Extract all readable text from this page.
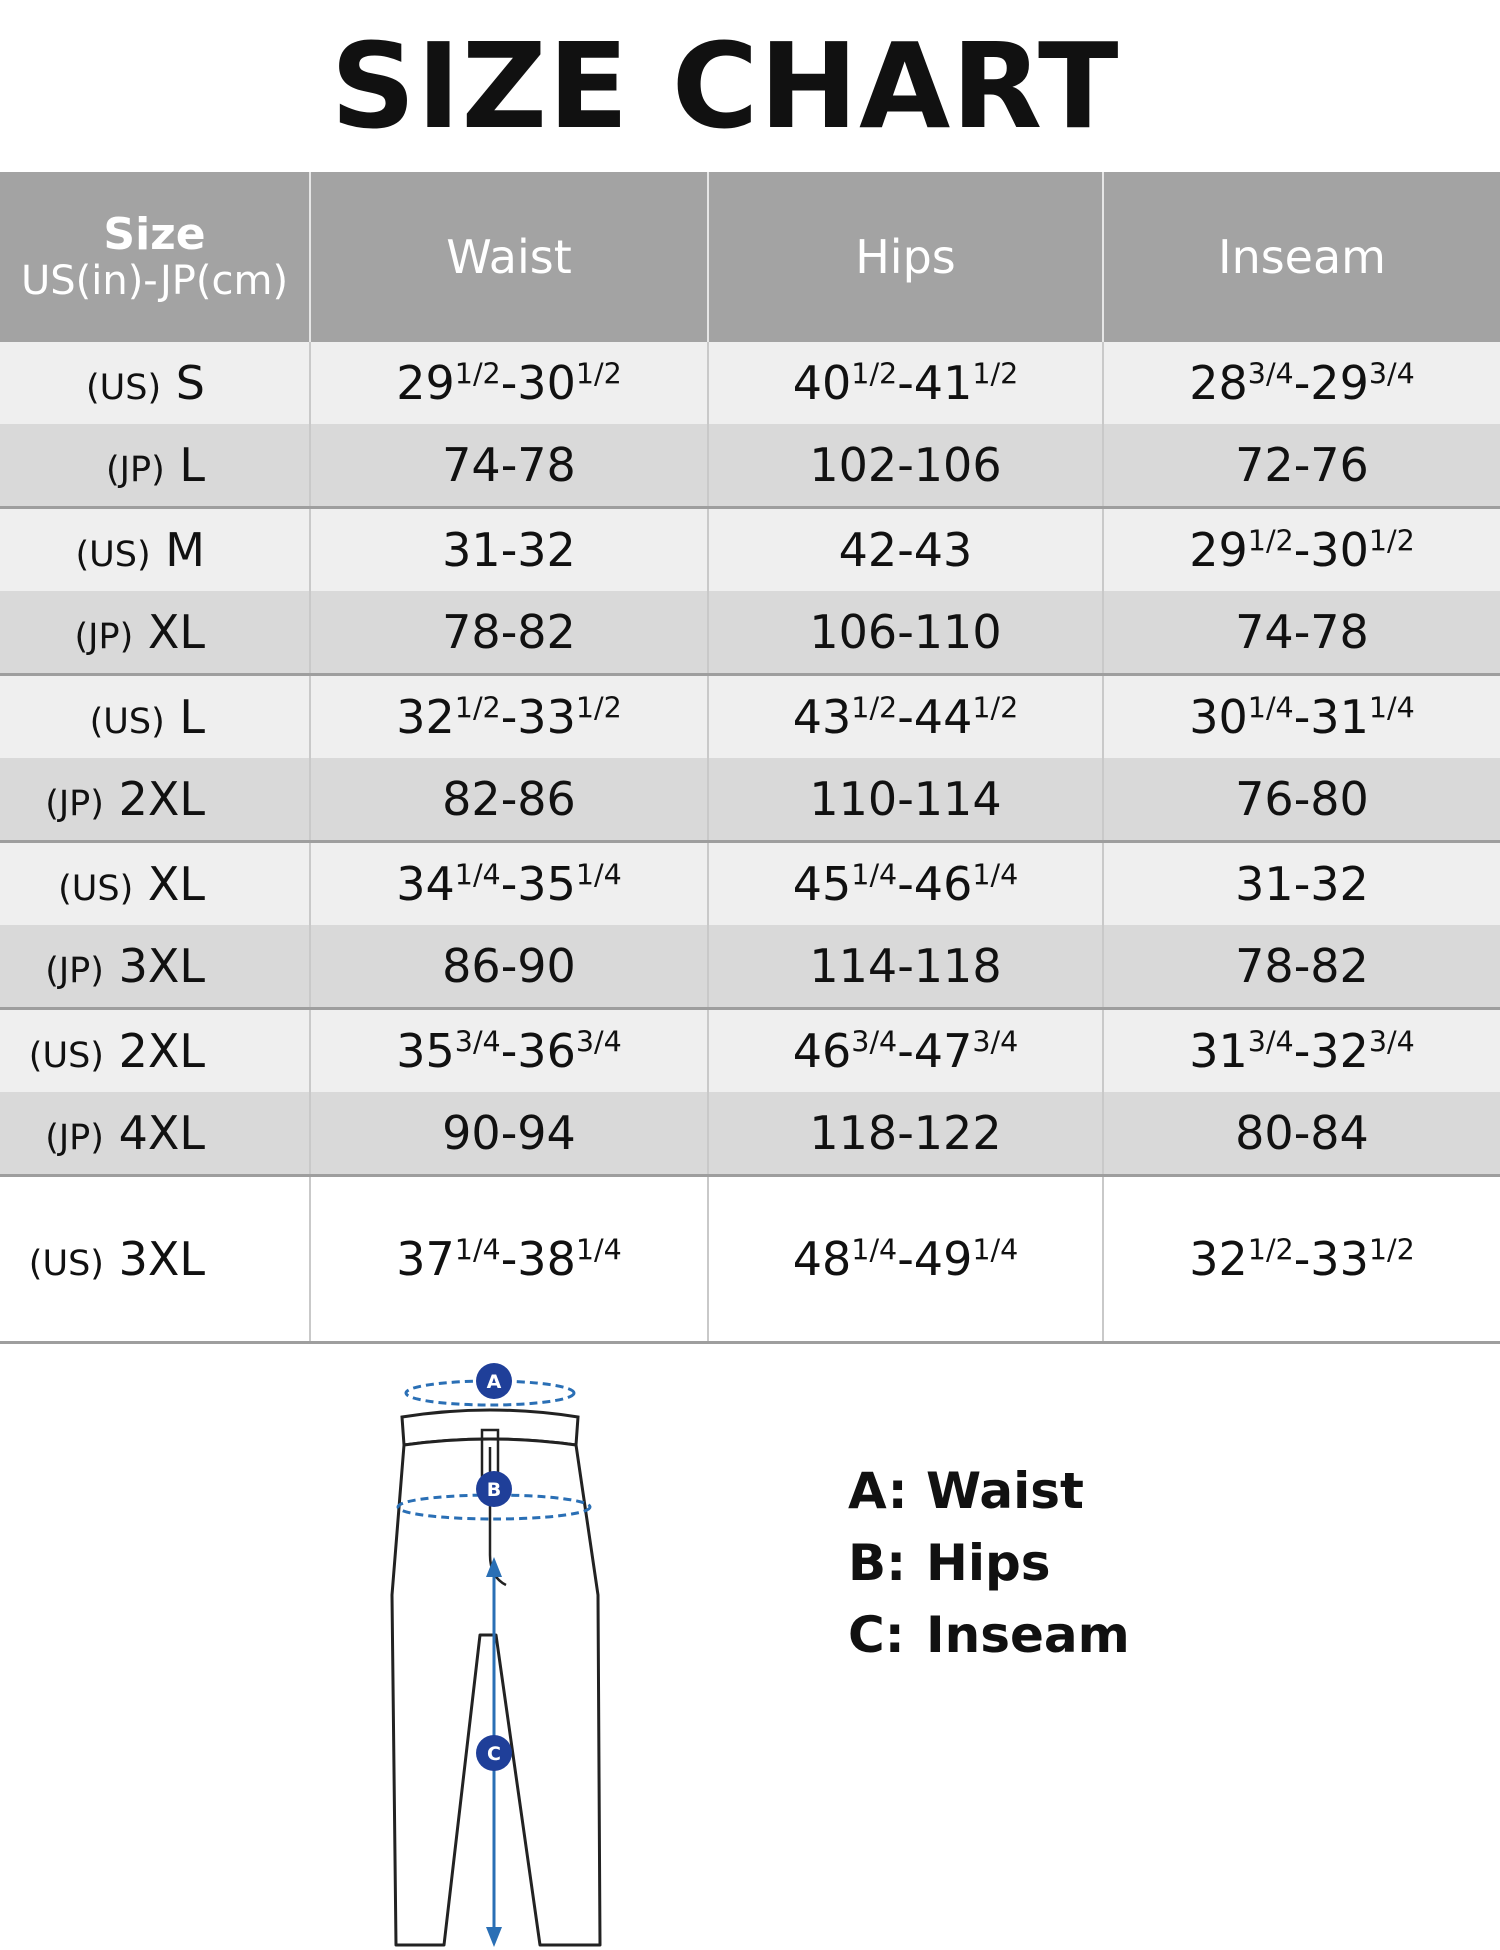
SIZE CHART
Size
US(in)-JP(cm)	Waist	Hips	Inseam
(US) S	$29^{1/2}-30^{1/2}$	$40^{1/2}-41^{1/2}$	$28^{3/4}-29^{3/4}$
(JP) L	74-78	102-106	72-76
(US) M	31-32	42-43	$29^{1/2}-30^{1/2}$
(JP) XL	78-82	106-110	74-78
(US) L	$32^{1/2}-33^{1/2}$	$43^{1/2}-44^{1/2}$	$30^{1/4}-31^{1/4}$
(JP) 2XL	82-86	110-114	76-80
(US) XL	$34^{1/4}-35^{1/4}$	$45^{1/4}-46^{1/4}$	31-32
(JP) 3XL	86-90	114-118	78-82
(US) 2XL	$35^{3/4}-36^{3/4}$	$46^{3/4}-47^{3/4}$	$31^{3/4}-32^{3/4}$
(JP) 4XL	90-94	118-122	80-84
(US) 3XL	$37^{1/4}-38^{1/4}$	$48^{1/4}-49^{1/4}$	$32^{1/2}-33^{1/2}$
A
B
C
A: Waist
B: Hips
C: Inseam
